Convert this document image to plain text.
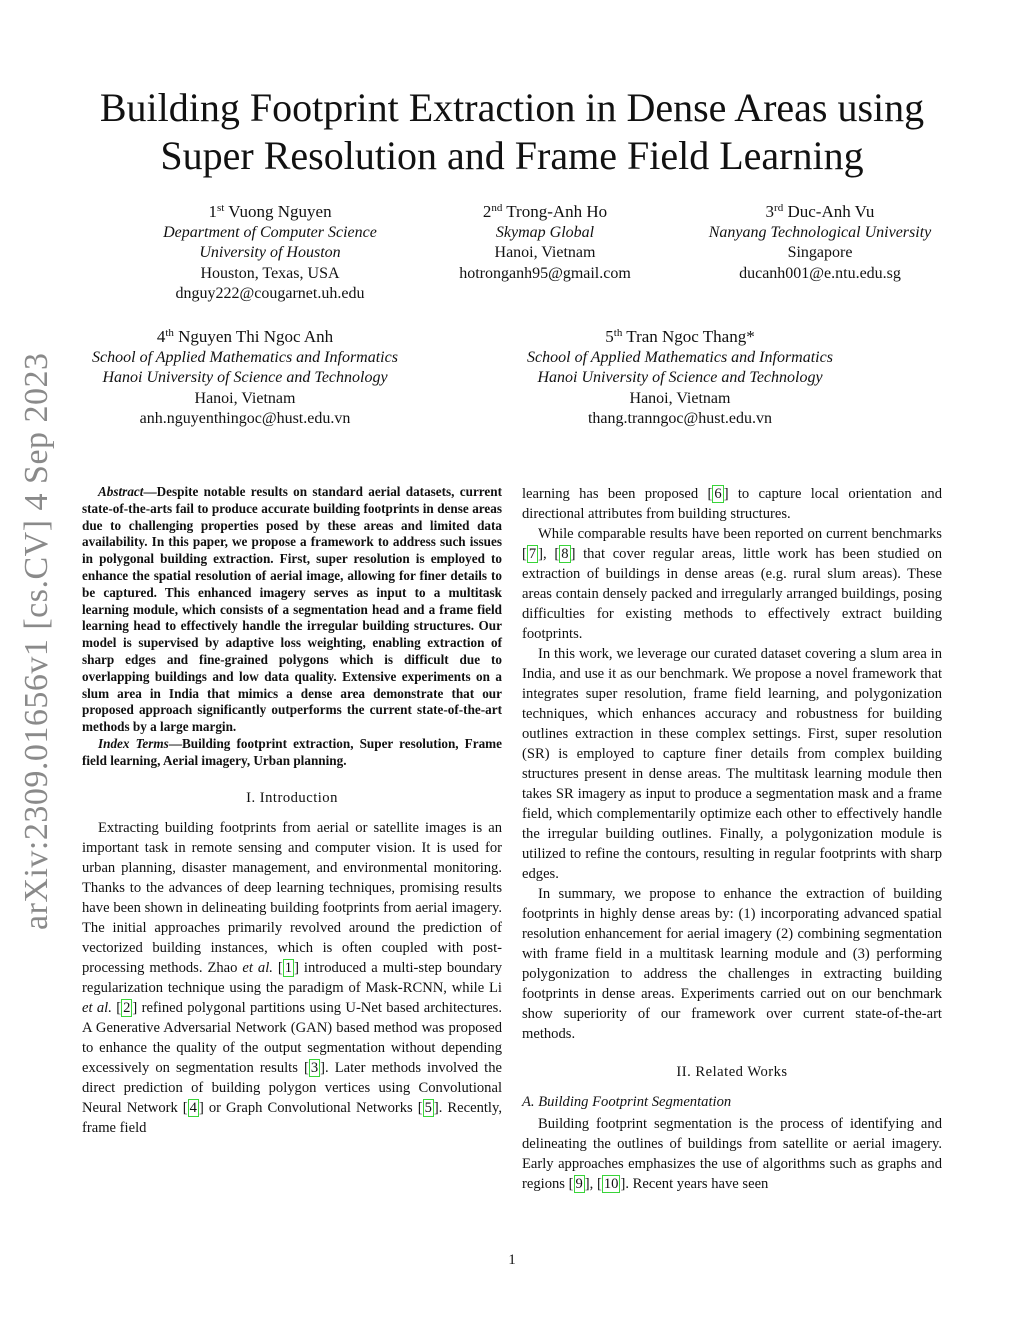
arXiv:2309.01656v1 [cs.CV] 4 Sep 2023
Building Footprint Extraction in Dense Areas using
Super Resolution and Frame Field Learning
1st Vuong Nguyen
Department of Computer Science
University of Houston
Houston, Texas, USA
dnguy222@cougarnet.uh.edu
2nd Trong-Anh Ho
Skymap Global
Hanoi, Vietnam
hotronganh95@gmail.com
3rd Duc-Anh Vu
Nanyang Technological University
Singapore
ducanh001@e.ntu.edu.sg
4th Nguyen Thi Ngoc Anh
School of Applied Mathematics and Informatics
Hanoi University of Science and Technology
Hanoi, Vietnam
anh.nguyenthingoc@hust.edu.vn
5th Tran Ngoc Thang*
School of Applied Mathematics and Informatics
Hanoi University of Science and Technology
Hanoi, Vietnam
thang.tranngoc@hust.edu.vn

Abstract—Despite notable results on standard aerial datasets, current state-of-the-arts fail to produce accurate building footprints in dense areas due to challenging properties posed by these areas and limited data availability. In this paper, we propose a framework to address such issues in polygonal building extraction. First, super resolution is employed to enhance the spatial resolution of aerial image, allowing for finer details to be captured. This enhanced imagery serves as input to a multitask learning module, which consists of a segmentation head and a frame field learning head to effectively handle the irregular building structures. Our model is supervised by adaptive loss weighting, enabling extraction of sharp edges and fine-grained polygons which is difficult due to overlapping buildings and low data quality. Extensive experiments on a slum area in India that mimics a dense area demonstrate that our proposed approach significantly outperforms the current state-of-the-art methods by a large margin.

Index Terms—Building footprint extraction, Super resolution, Frame field learning, Aerial imagery, Urban planning.

I. Introduction

Extracting building footprints from aerial or satellite images is an important task in remote sensing and computer vision. It is used for urban planning, disaster management, and environmental monitoring. Thanks to the advances of deep learning techniques, promising results have been shown in delineating building footprints from aerial imagery. The initial approaches primarily revolved around the prediction of vectorized building instances, which is often coupled with post-processing methods. Zhao et al. [ 1 ] introduced a multi-step boundary regularization technique using the paradigm of Mask-RCNN, while Li et al. [ 2 ] refined polygonal partitions using U-Net based architectures. A Generative Adversarial Network (GAN) based method was proposed to enhance the quality of the output segmentation without depending excessively on segmentation results [ 3 ]. Later methods involved the direct prediction of building polygon vertices using Convolutional Neural Network [ 4 ] or Graph Convolutional Networks [ 5 ]. Recently, frame field

learning has been proposed [ 6 ] to capture local orientation and directional attributes from building structures.

While comparable results have been reported on current benchmarks [ 7 ], [ 8 ] that cover regular areas, little work has been studied on extraction of buildings in dense areas (e.g. rural slum areas). These areas contain densely packed and irregularly arranged buildings, posing difficulties for existing methods to effectively extract building footprints.

In this work, we leverage our curated dataset covering a slum area in India, and use it as our benchmark. We propose a novel framework that integrates super resolution, frame field learning, and polygonization techniques, which enhances accuracy and robustness for building outlines extraction in these complex settings. First, super resolution (SR) is employed to capture finer details from complex building structures present in dense areas. The multitask learning module then takes SR imagery as input to produce a segmentation mask and a frame field, which complementarily optimize each other to effectively handle the irregular building outlines. Finally, a polygonization module is utilized to refine the contours, resulting in regular footprints with sharp edges.

In summary, we propose to enhance the extraction of building footprints in highly dense areas by: (1) incorporating advanced spatial resolution enhancement for aerial imagery (2) combining segmentation with frame field in a multitask learning module and (3) performing polygonization to address the challenges in extracting building footprints in dense areas. Experiments carried out on our benchmark show superiority of our framework over current state-of-the-art methods.

II. Related Works
A. Building Footprint Segmentation

Building footprint segmentation is the process of identifying and delineating the outlines of buildings from satellite or aerial imagery. Early approaches emphasizes the use of algorithms such as graphs and regions [ 9 ], [ 10 ]. Recent years have seen

1
